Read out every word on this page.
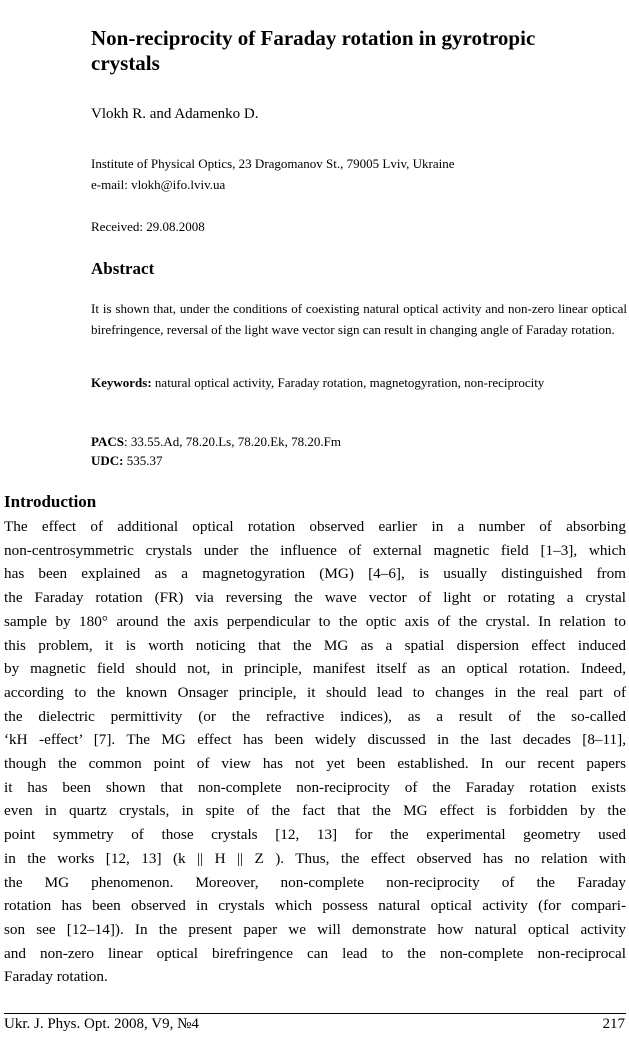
Non-reciprocity of Faraday rotation in gyrotropic crystals
Vlokh R. and Adamenko D.
Institute of Physical Optics, 23 Dragomanov St., 79005 Lviv, Ukraine
e-mail: vlokh@ifo.lviv.ua
Received: 29.08.2008
Abstract
It is shown that, under the conditions of coexisting natural optical activity and non-zero linear optical birefringence, reversal of the light wave vector sign can result in changing angle of Faraday rotation.
Keywords: natural optical activity, Faraday rotation, magnetogyration, non-reciprocity
PACS: 33.55.Ad, 78.20.Ls, 78.20.Ek, 78.20.Fm
UDC: 535.37
Introduction
The effect of additional optical rotation observed earlier in a number of absorbing
non-centrosymmetric crystals under the influence of external magnetic field [1–3], which
has been explained as a magnetogyration (MG) [4–6], is usually distinguished from
the Faraday rotation (FR) via reversing the wave vector of light or rotating a crystal
sample by 180° around the axis perpendicular to the optic axis of the crystal. In relation to
this problem, it is worth noticing that the MG as a spatial dispersion effect induced
by magnetic field should not, in principle, manifest itself as an optical rotation. Indeed,
according to the known Onsager principle, it should lead to changes in the real part of
the dielectric permittivity (or the refractive indices), as a result of the so-called
‘kH -effect’ [7]. The MG effect has been widely discussed in the last decades [8–11],
though the common point of view has not yet been established. In our recent papers
it has been shown that non-complete non-reciprocity of the Faraday rotation exists
even in quartz crystals, in spite of the fact that the MG effect is forbidden by the
point symmetry of those crystals [12, 13] for the experimental geometry used
in the works [12, 13] (k || H || Z ). Thus, the effect observed has no relation with
the MG phenomenon. Moreover, non-complete non-reciprocity of the Faraday
rotation has been observed in crystals which possess natural optical activity (for compari-
son see [12–14]). In the present paper we will demonstrate how natural optical activity
and non-zero linear optical birefringence can lead to the non-complete non-reciprocal
Faraday rotation.
Ukr. J. Phys. Opt. 2008, V9, №4	217
